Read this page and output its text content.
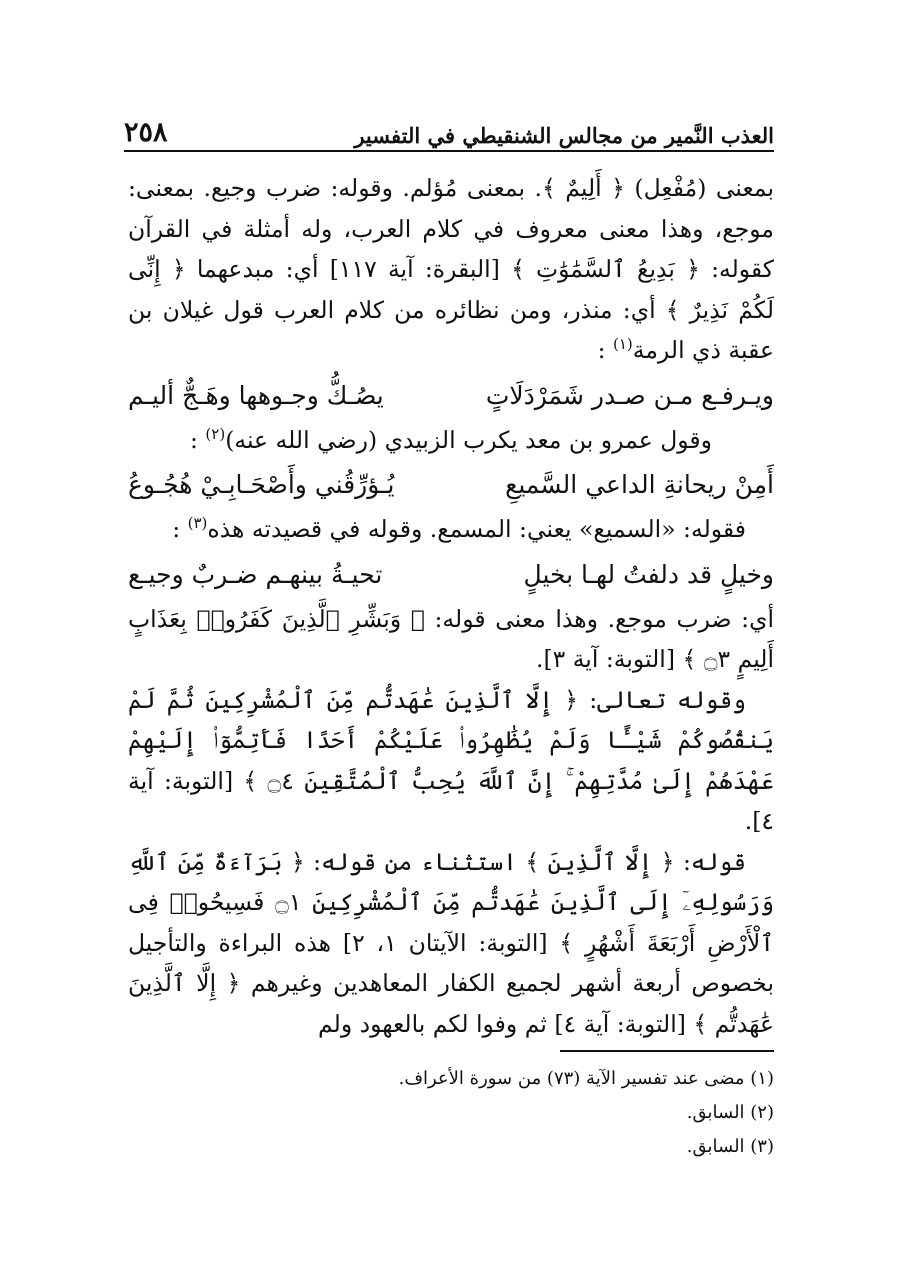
العذب النَّمير من مجالس الشنقيطي في التفسير
٢٥٨

بمعنى (مُفْعِل) ﴿ أَلِيمٌ ﴾. بمعنى مُؤلم. وقوله: ضرب وجيع. بمعنى: موجع، وهذا معنى معروف في كلام العرب، وله أمثلة في القرآن كقوله: ﴿ بَدِيعُ ٱلسَّمَٰوَٰتِ ﴾ [البقرة: آية ١١٧] أي: مبدعهما ﴿ إِنِّى لَكُمْ نَذِيرٌ ﴾ أي: منذر، ومن نظائره من كلام العرب قول غيلان بن عقبة ذي الرمة$^{(١)}$ :

ويـرفـع مـن صـدر شَمَرْدَلَاتٍ
يصُـكُّ وجـوهها وهَـجٌّ أليـم

وقول عمرو بن معد يكرب الزبيدي (رضي الله عنه)$^{(٢)}$ :

أَمِنْ ريحانةِ الداعي السَّميعِ
يُـؤرِّقُني وأَصْحَـابِـيْ هُجُـوعُ

فقوله: «السميع» يعني: المسمع. وقوله في قصيدته هذه$^{(٣)}$ :

وخيلٍ قد دلفتُ لهـا بخيلٍ
تحيـةُ بينهـم ضـربٌ وجيـع

أي: ضرب موجع. وهذا معنى قوله: ﴿ وَبَشِّرِ ٱلَّذِينَ كَفَرُوا۟ بِعَذَابٍ أَلِيمٍ ۝٣ ﴾ [التوبة: آية ٣].

وقوله تعالى: ﴿ إِلَّا ٱلَّذِينَ عَٰهَدتُّم مِّنَ ٱلْمُشْرِكِينَ ثُمَّ لَمْ يَنقُصُوكُمْ شَيْـًٔا وَلَمْ يُظَٰهِرُوا۟ عَلَيْكُمْ أَحَدًا فَأَتِمُّوٓا۟ إِلَيْهِمْ عَهْدَهُمْ إِلَىٰ مُدَّتِهِمْ ۚ إِنَّ ٱللَّهَ يُحِبُّ ٱلْمُتَّقِينَ ۝٤ ﴾ [التوبة: آية ٤].

قوله: ﴿ إِلَّا ٱلَّذِينَ ﴾ استثناء من قوله: ﴿ بَرَآءَةٌ مِّنَ ٱللَّهِ وَرَسُولِهِۦٓ إِلَى ٱلَّذِينَ عَٰهَدتُّم مِّنَ ٱلْمُشْرِكِينَ ۝١ فَسِيحُوا۟ فِى ٱلْأَرْضِ أَرْبَعَةَ أَشْهُرٍ ﴾ [التوبة: الآيتان ١، ٢] هذه البراءة والتأجيل بخصوص أربعة أشهر لجميع الكفار المعاهدين وغيرهم ﴿ إِلَّا ٱلَّذِينَ عَٰهَدتُّم ﴾ [التوبة: آية ٤] ثم وفوا لكم بالعهود ولم

(١) مضى عند تفسير الآية (٧٣) من سورة الأعراف.
(٢) السابق.
(٣) السابق.
